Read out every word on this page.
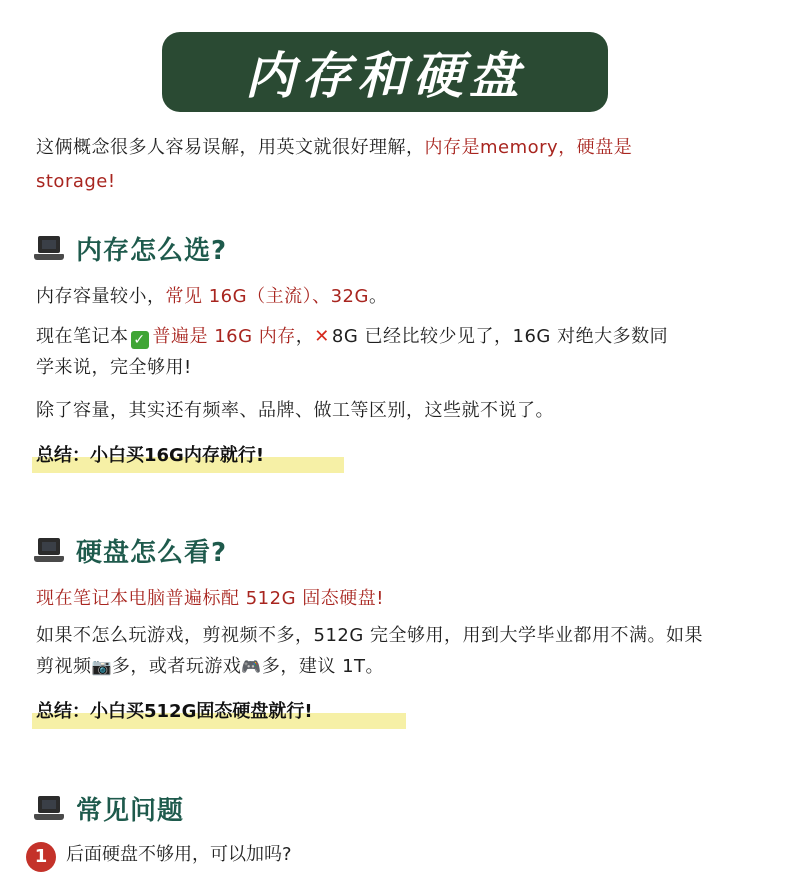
内存和硬盘
这俩概念很多人容易误解，用英文就很好理解，内存是memory，硬盘是
storage!
内存怎么选?
内存容量较小，常见 16G（主流）、32G。
现在笔记本 ✓ 普遍是 16G 内存，✕ 8G 已经比较少见了，16G 对绝大多数同
学来说，完全够用!
除了容量，其实还有频率、品牌、做工等区别，这些就不说了。
总结：小白买16G内存就行!
硬盘怎么看?
现在笔记本电脑普遍标配 512G 固态硬盘!
如果不怎么玩游戏，剪视频不多，512G 完全够用，用到大学毕业都用不满。如果
剪视频📷多，或者玩游戏🎮多，建议 1T。
总结：小白买512G固态硬盘就行!
常见问题
1	后面硬盘不够用，可以加吗?
